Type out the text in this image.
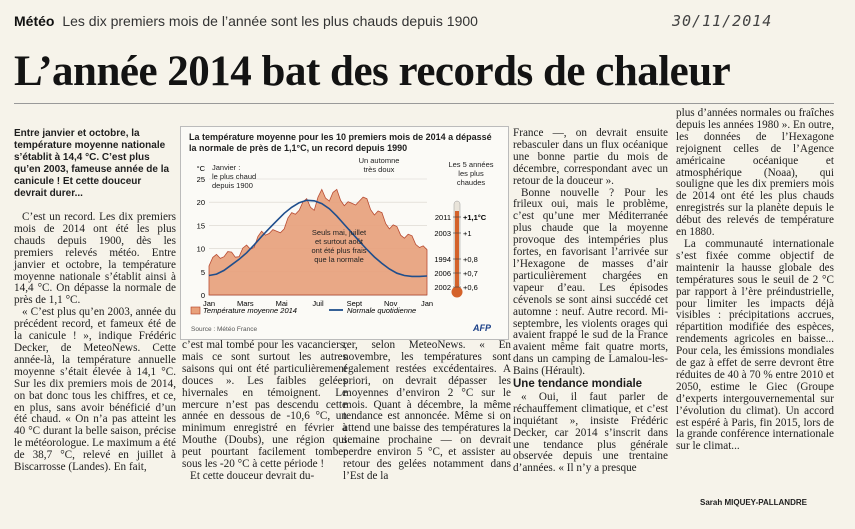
Météo Les dix premiers mois de l’année sont les plus chauds depuis 1900	30/11/2014
L’année 2014 bat des records de chaleur
Entre janvier et octobre, la température moyenne nationale s’établit à 14,4 °C. C’est plus qu’en 2003, fameuse année de la canicule ! Et cette douceur devrait durer...
La température moyenne pour les 10 premiers mois de 2014 a dépassé la normale de près de 1,1°C, un record depuis 1990
25
20
15
10
5
0
°C
Jan	Mars	Mai	Juil	Sept	Nov	Jan
Janvier : le plus chaud depuis 1900
Un automne très doux
Seuls mai, juillet et surtout août ont été plus frais que la normale
Les 5 années les plus chaudes
2011 +1,1°C
2003 +1
1994 +0,8
2006 +0,7
2002 +0,6
Température moyenne 2014	Normale quotidienne
Source : Météo France	AFP

C’est un record. Les dix premiers mois de 2014 ont été les plus chauds depuis 1900, dès les premiers relevés météo. Entre janvier et octobre, la température moyenne nationale s’établit ainsi à 14,4 °C. On dépasse la normale de près de 1,1 °C.

« C’est plus qu’en 2003, année du précédent record, et fameux été de la canicule ! », indique Frédéric Decker, de MeteoNews. Cette année-là, la température annuelle moyenne s’était élevée à 14,1 °C. Sur les dix premiers mois de 2014, on bat donc tous les chiffres, et ce, en plus, sans avoir bénéficié d’un été chaud. « On n’a pas atteint les 40 °C durant la belle saison, précise le météorologue. Le maximum a été de 38,7 °C, relevé en juillet à Biscarrosse (Landes). En fait,

c’est mal tombé pour les vacanciers, mais ce sont surtout les autres saisons qui ont été particulièrement douces ». Les faibles gelées hivernales en témoignent. Le mercure n’est pas descendu cette année en dessous de -10,6 °C, un minimum enregistré en février à Mouthe (Doubs), une région qui peut pourtant facilement tomber sous les -20 °C à cette période !

Et cette douceur devrait du-

rer, selon MeteoNews. « En novembre, les températures sont également restées excédentaires. A priori, on devrait dépasser les moyennes d’environ 2 °C sur le mois. Quant à décembre, la même tendance est annoncée. Même si on attend une baisse des températures la semaine prochaine — on devrait perdre environ 5 °C, et assister au retour des gelées notamment dans l’Est de la

France —, on devrait ensuite rebasculer dans un flux océanique une bonne partie du mois de décembre, correspondant avec un retour de la douceur ».

Bonne nouvelle ? Pour les frileux oui, mais le problème, c’est qu’une mer Méditerranée plus chaude que la moyenne provoque des intempéries plus fortes, en favorisant l’arrivée sur l’Hexagone de masses d’air particulièrement chargées en vapeur d’eau. Les épisodes cévenols se sont ainsi succédé cet automne : neuf. Autre record. Mi-septembre, les violents orages qui avaient frappé le sud de la France avaient même fait quatre morts, dans un camping de Lamalou-les-Bains (Hérault).

Une tendance mondiale

« Oui, il faut parler de réchauffement climatique, et c’est inquiétant », insiste Frédéric Decker, car 2014 s’inscrit dans une tendance plus générale observée depuis une trentaine d’années. « Il n’y a presque

plus d’années normales ou fraîches depuis les années 1980 ». En outre, les données de l’Hexagone rejoignent celles de l’Agence américaine océanique et atmosphérique (Noaa), qui souligne que les dix premiers mois de 2014 ont été les plus chauds enregistrés sur la planète depuis le début des relevés de température en 1880.

La communauté internationale s’est fixée comme objectif de maintenir la hausse globale des températures sous le seuil de 2 °C par rapport à l’ère préindustrielle, pour limiter les impacts déjà visibles : précipitations accrues, répartition modifiée des espèces, rendements agricoles en baisse... Pour cela, les émissions mondiales de gaz à effet de serre devront être réduites de 40 à 70 % entre 2010 et 2050, estime le Giec (Groupe d’experts intergouvernemental sur l’évolution du climat). Un accord est espéré à Paris, fin 2015, lors de la grande conférence internationale sur le climat...

Sarah MIQUEY-PALLANDRE
